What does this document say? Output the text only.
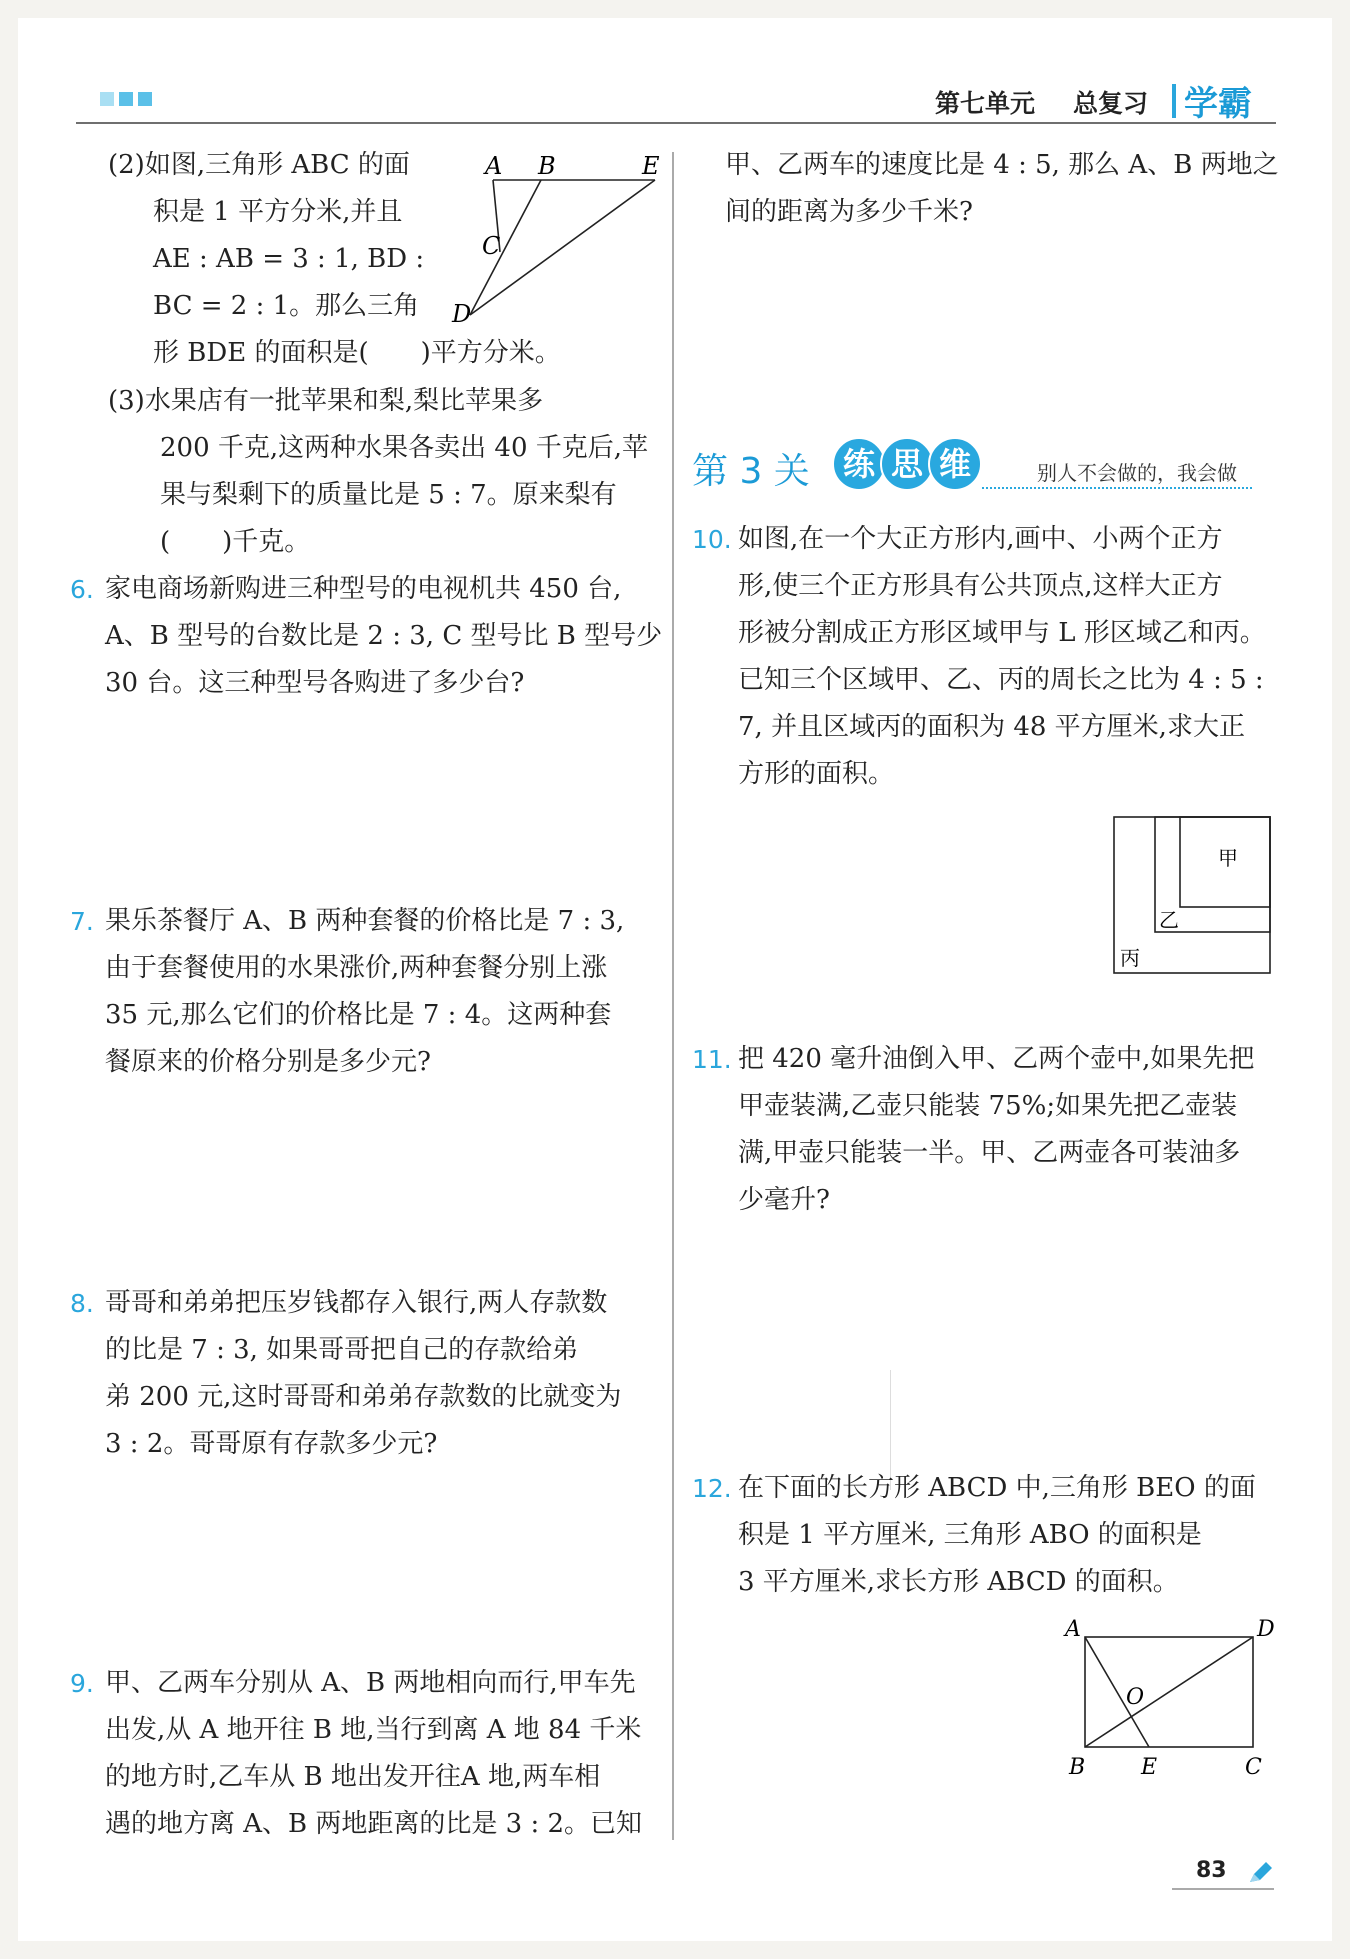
第七单元 总复习 学霸
(2)如图,三角形 ABC 的面
积是 1 平方分米,并且
AE : AB = 3 : 1, BD :
BC = 2 : 1。那么三角
形 BDE 的面积是(　　)平方分米。
A B	E
C
D
(3)水果店有一批苹果和梨,梨比苹果多
200 千克,这两种水果各卖出 40 千克后,苹
果与梨剩下的质量比是 5 : 7。原来梨有
(　　)千克。
6. 家电商场新购进三种型号的电视机共 450 台,
A、B 型号的台数比是 2 : 3, C 型号比 B 型号少
30 台。这三种型号各购进了多少台?
7. 果乐茶餐厅 A、B 两种套餐的价格比是 7 : 3,
由于套餐使用的水果涨价,两种套餐分别上涨
35 元,那么它们的价格比是 7 : 4。这两种套
餐原来的价格分别是多少元?
8. 哥哥和弟弟把压岁钱都存入银行,两人存款数
的比是 7 : 3, 如果哥哥把自己的存款给弟
弟 200 元,这时哥哥和弟弟存款数的比就变为
3 : 2。哥哥原有存款多少元?
9. 甲、乙两车分别从 A、B 两地相向而行,甲车先
出发,从 A 地开往 B 地,当行到离 A 地 84 千米
的地方时,乙车从 B 地出发开往A 地,两车相
遇的地方离 A、B 两地距离的比是 3 : 2。已知
甲、乙两车的速度比是 4 : 5, 那么 A、B 两地之
间的距离为多少千米?
第 3 关	练 思 维	别人不会做的，我会做
10. 如图,在一个大正方形内,画中、小两个正方
形,使三个正方形具有公共顶点,这样大正方
形被分割成正方形区域甲与 L 形区域乙和丙。
已知三个区域甲、乙、丙的周长之比为 4 : 5 :
7, 并且区域丙的面积为 48 平方厘米,求大正
方形的面积。
甲
乙
丙
11. 把 420 毫升油倒入甲、乙两个壶中,如果先把
甲壶装满,乙壶只能装 75%;如果先把乙壶装
满,甲壶只能装一半。甲、乙两壶各可装油多
少毫升?
12. 在下面的长方形 ABCD 中,三角形 BEO 的面
积是 1 平方厘米, 三角形 ABO 的面积是
3 平方厘米,求长方形 ABCD 的面积。
A	D
O
B	E	C
83
